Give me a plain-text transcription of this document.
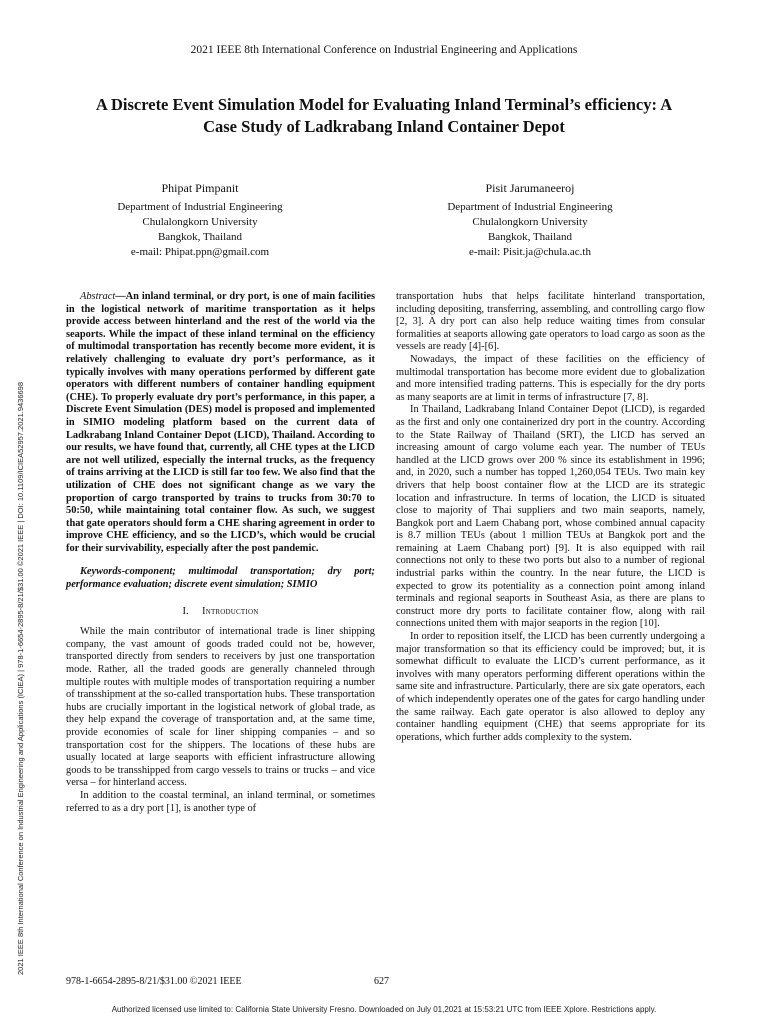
2021 IEEE 8th International Conference on Industrial Engineering and Applications
A Discrete Event Simulation Model for Evaluating Inland Terminal’s efficiency: A
Case Study of Ladkrabang Inland Container Depot
Phipat Pimpanit
Department of Industrial Engineering
Chulalongkorn University
Bangkok, Thailand
e-mail: Phipat.ppn@gmail.com
Pisit Jarumaneeroj
Department of Industrial Engineering
Chulalongkorn University
Bangkok, Thailand
e-mail: Pisit.ja@chula.ac.th
2021 IEEE 8th International Conference on Industrial Engineering and Applications (ICIEA) | 978-1-6654-2895-8/21/$31.00 ©2021 IEEE | DOI: 10.1109/ICIEA52957.2021.9436698

Abstract—An inland terminal, or dry port, is one of main facilities in the logistical network of maritime transportation as it helps provide access between hinterland and the rest of the world via the seaports. While the impact of these inland terminal on the efficiency of multimodal transportation has recently become more evident, it is relatively challenging to evaluate dry port’s performance, as it typically involves with many operations performed by different gate operators with different numbers of container handling equipment (CHE). To properly evaluate dry port’s performance, in this paper, a Discrete Event Simulation (DES) model is proposed and implemented in SIMIO modeling platform based on the current data of Ladkrabang Inland Container Depot (LICD), Thailand. According to our results, we have found that, currently, all CHE types at the LICD are not well utilized, especially the internal trucks, as the frequency of trains arriving at the LICD is still far too few. We also find that the utilization of CHE does not significant change as we vary the proportion of cargo transported by trains to trucks from 30:70 to 50:50, while maintaining total container flow. As such, we suggest that gate operators should form a CHE sharing agreement in order to improve CHE efficiency, and so the LICD’s, which would be crucial for their survivability, especially after the post pandemic.

Keywords-component; multimodal transportation; dry port; performance evaluation; discrete event simulation; SIMIO

I. Introduction

While the main contributor of international trade is liner shipping company, the vast amount of goods traded could not be, however, transported directly from senders to receivers by just one transportation mode. Rather, all the traded goods are generally channeled through multiple routes with multiple modes of transportation requiring a number of transshipment at the so-called transportation hubs. These transportation hubs are crucially important in the logistical network of global trade, as they help expand the coverage of transportation and, at the same time, provide economies of scale for liner shipping companies – and so transportation cost for the shippers. The locations of these hubs are usually located at large seaports with efficient infrastructure allowing goods to be transshipped from cargo vessels to trains or trucks – and vice versa – for hinterland access.

In addition to the coastal terminal, an inland terminal, or sometimes referred to as a dry port [1], is another type of

transportation hubs that helps facilitate hinterland transportation, including depositing, transferring, assembling, and controlling cargo flow [2, 3]. A dry port can also help reduce waiting times from consular formalities at seaports allowing gate operators to load cargo as soon as the vessels are ready [4]-[6].

Nowadays, the impact of these facilities on the efficiency of multimodal transportation has become more evident due to globalization and more intensified trading patterns. This is especially for the dry ports as many seaports are at limit in terms of infrastructure [7, 8].

In Thailand, Ladkrabang Inland Container Depot (LICD), is regarded as the first and only one containerized dry port in the country. According to the State Railway of Thailand (SRT), the LICD has served an increasing amount of cargo volume each year. The number of TEUs handled at the LICD grows over 200 % since its establishment in 1996; and, in 2020, such a number has topped 1,260,054 TEUs. Two main key drivers that help boost container flow at the LICD are its strategic location and infrastructure. In terms of location, the LICD is situated close to majority of Thai suppliers and two main seaports, namely, Bangkok port and Laem Chabang port, whose combined annual capacity is 8.7 million TEUs (about 1 million TEUs at Bangkok port and the remaining at Laem Chabang port) [9]. It is also equipped with rail connections not only to these two ports but also to a number of regional industrial parks within the country. In the near future, the LICD is expected to grow its potentiality as a connection point among inland terminals and regional seaports in Southeast Asia, as there are plans to construct more dry ports to facilitate container flow, along with rail connections united them with major seaports in the region [10].

In order to reposition itself, the LICD has been currently undergoing a major transformation so that its efficiency could be improved; but, it is somewhat difficult to evaluate the LICD’s current performance, as it involves with many operators performing different operations within the same site and infrastructure. Particularly, there are six gate operators, each of which independently operates one of the gates for cargo handling under the same railway. Each gate operator is also allowed to deploy any container handling equipment (CHE) that seems appropriate for its operations, which further adds complexity to the system.

978-1-6654-2895-8/21/$31.00 ©2021 IEEE	627
Authorized licensed use limited to: California State University Fresno. Downloaded on July 01,2021 at 15:53:21 UTC from IEEE Xplore. Restrictions apply.
